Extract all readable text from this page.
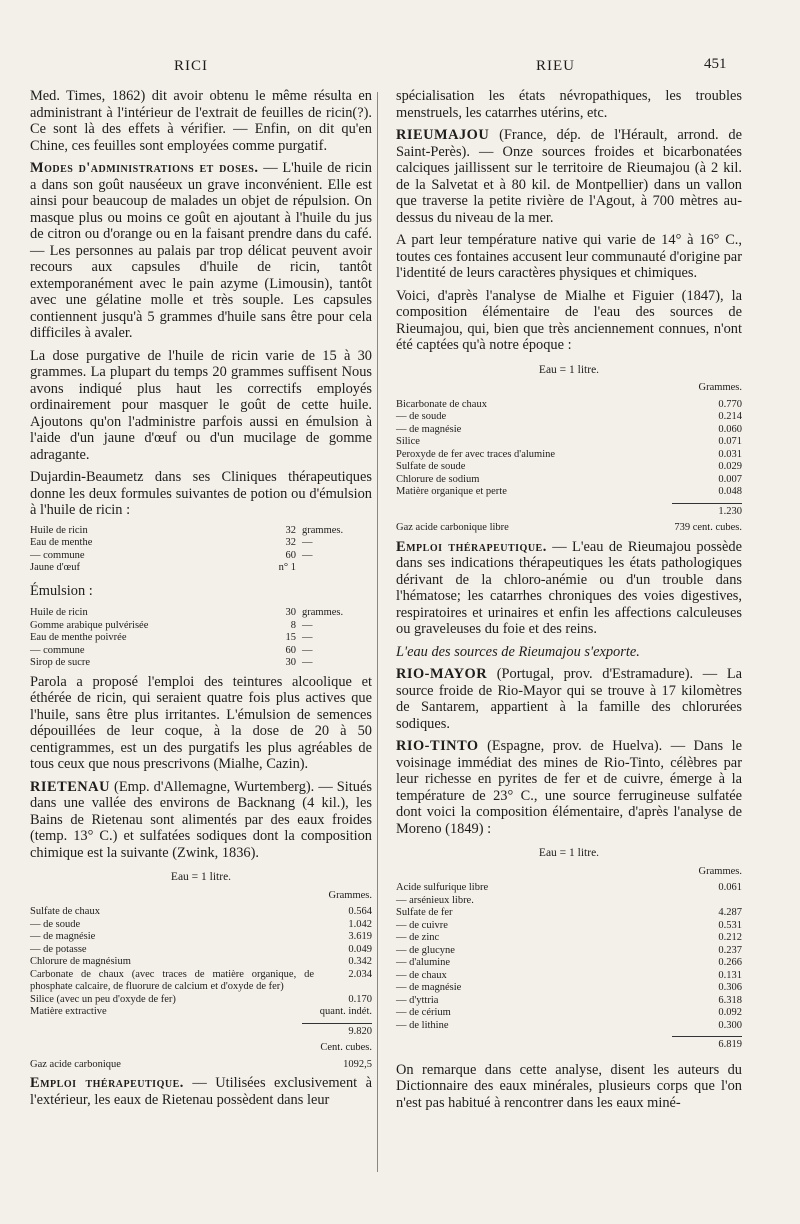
RICI	RIEU	451

Med. Times, 1862) dit avoir obtenu le même résulta en administrant à l'intérieur de l'extrait de feuilles de ricin(?). Ce sont là des effets à vérifier. — Enfin, on dit qu'en Chine, ces feuilles sont employées comme purgatif.

Modes d'administrations et doses. — L'huile de ricin a dans son goût nauséeux un grave inconvénient. Elle est ainsi pour beaucoup de malades un objet de répulsion. On masque plus ou moins ce goût en ajoutant à l'huile du jus de citron ou d'orange ou en la faisant prendre dans du café. — Les personnes au palais par trop délicat peuvent avoir recours aux capsules d'huile de ricin, tantôt extemporanément avec le pain azyme (Limousin), tantôt avec une gélatine molle et très souple. Les capsules contiennent jusqu'à 5 grammes d'huile sans être pour cela difficiles à avaler.

La dose purgative de l'huile de ricin varie de 15 à 30 grammes. La plupart du temps 20 grammes suffisent Nous avons indiqué plus haut les correctifs employés ordinairement pour masquer le goût de cette huile. Ajoutons qu'on l'administre parfois aussi en émulsion à l'aide d'un jaune d'œuf ou d'un mucilage de gomme adragante.

Dujardin-Beaumetz dans ses Cliniques thérapeutiques donne les deux formules suivantes de potion ou d'émulsion à l'huile de ricin :

Huile de ricin	32	grammes.
Eau de menthe	32	—
— commune	60	—
Jaune d'œuf	n° 1	
Émulsion :
Huile de ricin	30	grammes.
Gomme arabique pulvérisée	8	—
Eau de menthe poivrée	15	—
— commune	60	—
Sirop de sucre	30	—

Parola a proposé l'emploi des teintures alcoolique et éthérée de ricin, qui seraient quatre fois plus actives que l'huile, sans être plus irritantes. L'émulsion de semences dépouillées de leur coque, à la dose de 20 à 50 centigrammes, est un des purgatifs les plus agréables de tous ceux que nous prescrivons (Mialhe, Cazin).

RIETENAU (Emp. d'Allemagne, Wurtemberg). — Situés dans une vallée des environs de Backnang (4 kil.), les Bains de Rietenau sont alimentés par des eaux froides (temp. 13° C.) et sulfatées sodiques dont la composition chimique est la suivante (Zwink, 1836).

Eau = 1 litre.
Grammes.
Sulfate de chaux	0.564
— de soude	1.042
— de magnésie	3.619
— de potasse	0.049
Chlorure de magnésium	0.342
Carbonate de chaux (avec traces de matière organique, de phosphate calcaire, de fluorure de calcium et d'oxyde de fer)	2.034
Silice (avec un peu d'oxyde de fer)	0.170
Matière extractive	quant. indét.
9.820
Cent. cubes.
Gaz acide carbonique	1092,5

Emploi thérapeutique. — Utilisées exclusivement à l'extérieur, les eaux de Rietenau possèdent dans leur

spécialisation les états névropathiques, les troubles menstruels, les catarrhes utérins, etc.

RIEUMAJOU (France, dép. de l'Hérault, arrond. de Saint-Perès). — Onze sources froides et bicarbonatées calciques jaillissent sur le territoire de Rieumajou (à 2 kil. de la Salvetat et à 80 kil. de Montpellier) dans un vallon que traverse la petite rivière de l'Agout, à 700 mètres au-dessus du niveau de la mer.

A part leur température native qui varie de 14° à 16° C., toutes ces fontaines accusent leur communauté d'origine par l'identité de leurs caractères physiques et chimiques.

Voici, d'après l'analyse de Mialhe et Figuier (1847), la composition élémentaire de l'eau des sources de Rieumajou, qui, bien que très anciennement connues, n'ont été captées qu'à notre époque :

Eau = 1 litre.
Grammes.
Bicarbonate de chaux	0.770
— de soude	0.214
— de magnésie	0.060
Silice	0.071
Peroxyde de fer avec traces d'alumine	0.031
Sulfate de soude	0.029
Chlorure de sodium	0.007
Matière organique et perte	0.048
1.230
Gaz acide carbonique libre	739 cent. cubes.

Emploi thérapeutique. — L'eau de Rieumajou possède dans ses indications thérapeutiques les états pathologiques dérivant de la chloro-anémie ou d'un trouble dans l'hématose; les catarrhes chroniques des voies digestives, respiratoires et urinaires et enfin les affections calculeuses ou graveleuses du foie et des reins.

L'eau des sources de Rieumajou s'exporte.

RIO-MAYOR (Portugal, prov. d'Estramadure). — La source froide de Rio-Mayor qui se trouve à 17 kilomètres de Santarem, appartient à la famille des chlorurées sodiques.

RIO-TINTO (Espagne, prov. de Huelva). — Dans le voisinage immédiat des mines de Rio-Tinto, célèbres par leur richesse en pyrites de fer et de cuivre, émerge à la température de 23° C., une source ferrugineuse sulfatée dont voici la composition élémentaire, d'après l'analyse de Moreno (1849) :

Eau = 1 litre.
Grammes.
Acide sulfurique libre	0.061
— arsénieux libre.	
Sulfate de fer	4.287
— de cuivre	0.531
— de zinc	0.212
— de glucyne	0.237
— d'alumine	0.266
— de chaux	0.131
— de magnésie	0.306
— d'yttria	6.318
— de cérium	0.092
— de lithine	0.300
6.819

On remarque dans cette analyse, disent les auteurs du Dictionnaire des eaux minérales, plusieurs corps que l'on n'est pas habitué à rencontrer dans les eaux miné-
